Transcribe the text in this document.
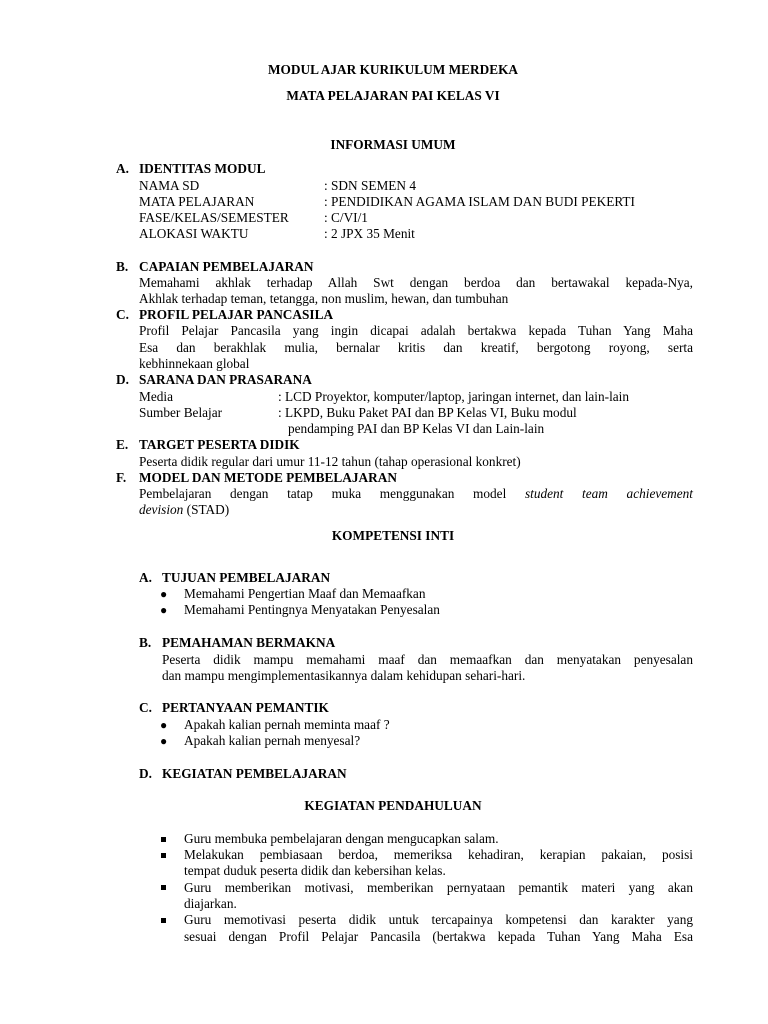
MODUL AJAR KURIKULUM MERDEKA
MATA PELAJARAN PAI KELAS VI
INFORMASI UMUM
A. IDENTITAS MODUL
NAMA SD	: SDN SEMEN 4
MATA PELAJARAN	: PENDIDIKAN AGAMA ISLAM DAN BUDI PEKERTI
FASE/KELAS/SEMESTER	: C/VI/1
ALOKASI WAKTU	: 2 JPX 35 Menit
B. CAPAIAN PEMBELAJARAN
Memahami akhlak terhadap Allah Swt dengan berdoa dan bertawakal kepada-Nya,
Akhlak terhadap teman, tetangga, non muslim, hewan, dan tumbuhan
C. PROFIL PELAJAR PANCASILA
Profil Pelajar Pancasila yang ingin dicapai adalah bertakwa kepada Tuhan Yang Maha
Esa dan berakhlak mulia, bernalar kritis dan kreatif, bergotong royong, serta
kebhinnekaan global
D. SARANA DAN PRASARANA
Media	: LCD Proyektor, komputer/laptop, jaringan internet, dan lain-lain
Sumber Belajar	: LKPD, Buku Paket PAI dan BP Kelas VI, Buku modul
pendamping PAI dan BP Kelas VI dan Lain-lain
E. TARGET PESERTA DIDIK
Peserta didik regular dari umur 11-12 tahun (tahap operasional konkret)
F. MODEL DAN METODE PEMBELAJARAN
Pembelajaran dengan tatap muka menggunakan model student team achievement
devision (STAD)
KOMPETENSI INTI
A. TUJUAN PEMBELAJARAN
● Memahami Pengertian Maaf dan Memaafkan
● Memahami Pentingnya Menyatakan Penyesalan
B. PEMAHAMAN BERMAKNA
Peserta didik mampu memahami maaf dan memaafkan dan menyatakan penyesalan
dan mampu mengimplementasikannya dalam kehidupan sehari-hari.
C. PERTANYAAN PEMANTIK
● Apakah kalian pernah meminta maaf ?
● Apakah kalian pernah menyesal?
D. KEGIATAN PEMBELAJARAN
KEGIATAN PENDAHULUAN
Guru membuka pembelajaran dengan mengucapkan salam.
Melakukan pembiasaan berdoa, memeriksa kehadiran, kerapian pakaian, posisi
tempat duduk peserta didik dan kebersihan kelas.
Guru memberikan motivasi, memberikan pernyataan pemantik materi yang akan
diajarkan.
Guru memotivasi peserta didik untuk tercapainya kompetensi dan karakter yang
sesuai dengan Profil Pelajar Pancasila (bertakwa kepada Tuhan Yang Maha Esa
